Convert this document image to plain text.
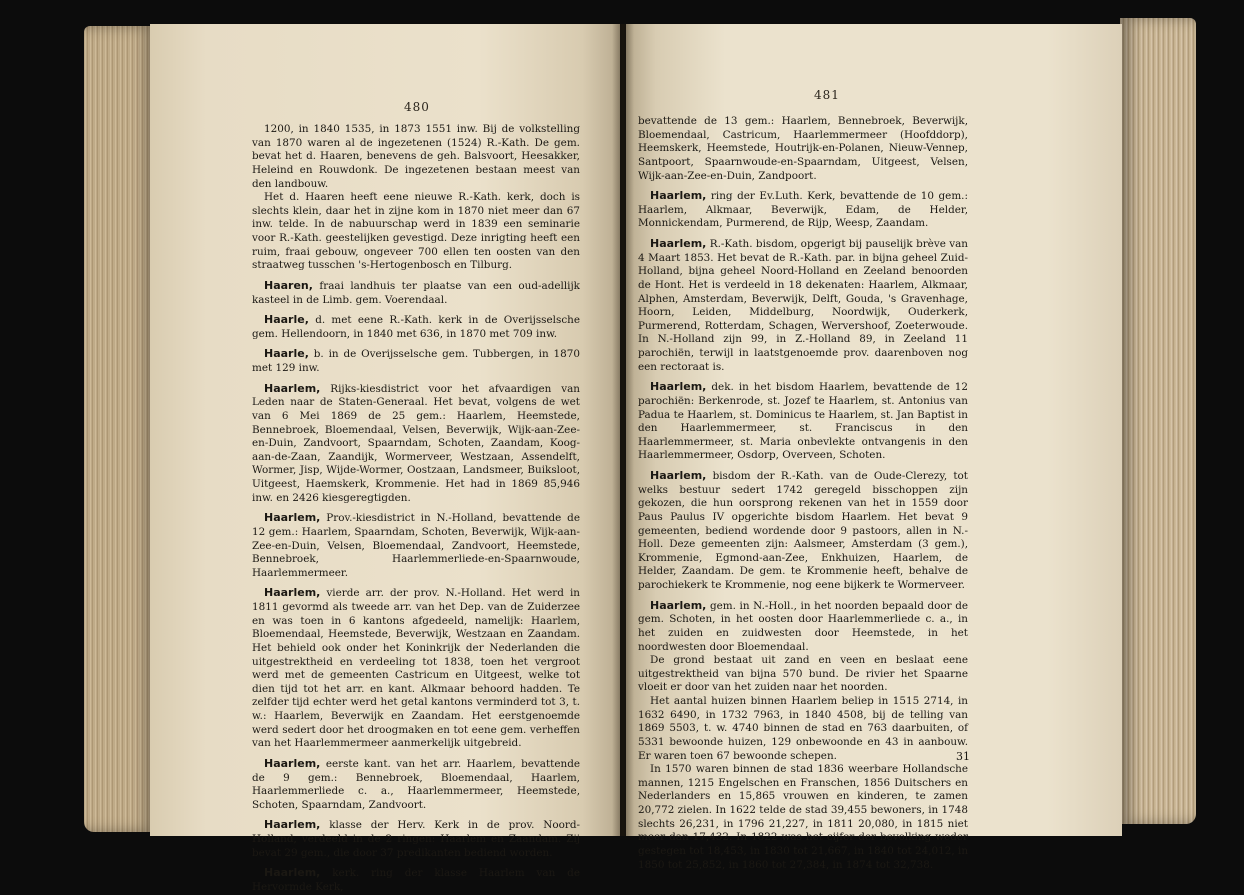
480

1200, in 1840 1535, in 1873 1551 inw. Bij de volkstelling van 1870 waren al de ingezetenen (1524) R.-Kath. De gem. bevat het d. Haaren, benevens de geh. Balsvoort, Heesakker, Heleind en Rouwdonk. De ingezetenen bestaan meest van den landbouw.

Het d. Haaren heeft eene nieuwe R.-Kath. kerk, doch is slechts klein, daar het in zijne kom in 1870 niet meer dan 67 inw. telde. In de nabuurschap werd in 1839 een seminarie voor R.-Kath. geestelijken gevestigd. Deze inrigting heeft een ruim, fraai gebouw, ongeveer 700 ellen ten oosten van den straatweg tusschen 's-Hertogenbosch en Tilburg.

Haaren, fraai landhuis ter plaatse van een oud-adellijk kasteel in de Limb. gem. Voerendaal.

Haarle, d. met eene R.-Kath. kerk in de Overijsselsche gem. Hellendoorn, in 1840 met 636, in 1870 met 709 inw.

Haarle, b. in de Overijsselsche gem. Tubbergen, in 1870 met 129 inw.

Haarlem, Rijks-kiesdistrict voor het afvaardigen van Leden naar de Staten-Generaal. Het bevat, volgens de wet van 6 Mei 1869 de 25 gem.: Haarlem, Heemstede, Bennebroek, Bloemendaal, Velsen, Beverwijk, Wijk-aan-Zee-en-Duin, Zandvoort, Spaarndam, Schoten, Zaandam, Koog-aan-de-Zaan, Zaandijk, Wormerveer, Westzaan, Assendelft, Wormer, Jisp, Wijde-Wormer, Oostzaan, Landsmeer, Buiksloot, Uitgeest, Haemskerk, Krommenie. Het had in 1869 85,946 inw. en 2426 kiesgeregtigden.

Haarlem, Prov.-kiesdistrict in N.-Holland, bevattende de 12 gem.: Haarlem, Spaarndam, Schoten, Beverwijk, Wijk-aan-Zee-en-Duin, Velsen, Bloemendaal, Zandvoort, Heemstede, Bennebroek, Haarlemmerliede-en-Spaarnwoude, Haarlemmermeer.

Haarlem, vierde arr. der prov. N.-Holland. Het werd in 1811 gevormd als tweede arr. van het Dep. van de Zuiderzee en was toen in 6 kantons afgedeeld, namelijk: Haarlem, Bloemendaal, Heemstede, Beverwijk, Westzaan en Zaandam. Het behield ook onder het Koninkrijk der Nederlanden die uitgestrektheid en verdeeling tot 1838, toen het vergroot werd met de gemeenten Castricum en Uitgeest, welke tot dien tijd tot het arr. en kant. Alkmaar behoord hadden. Te zelfder tijd echter werd het getal kantons verminderd tot 3, t. w.: Haarlem, Beverwijk en Zaandam. Het eerstgenoemde werd sedert door het droogmaken en tot eene gem. verheffen van het Haarlemmermeer aanmerkelijk uitgebreid.

Haarlem, eerste kant. van het arr. Haarlem, bevattende de 9 gem.: Bennebroek, Bloemendaal, Haarlem, Haarlemmerliede c. a., Haarlemmermeer, Heemstede, Schoten, Spaarndam, Zandvoort.

Haarlem, klasse der Herv. Kerk in de prov. Noord-Holland, verdeeld in de 2 ringen: Haarlem en Zaandam. Zij bevat 29 gem., die door 37 predikanten bediend worden.

Haarlem, kerk. ring der klasse Haarlem van de Hervormde Kerk,

481

bevattende de 13 gem.: Haarlem, Bennebroek, Beverwijk, Bloemendaal, Castricum, Haarlemmermeer (Hoofddorp), Heemskerk, Heemstede, Houtrijk-en-Polanen, Nieuw-Vennep, Santpoort, Spaarnwoude-en-Spaarndam, Uitgeest, Velsen, Wijk-aan-Zee-en-Duin, Zandpoort.

Haarlem, ring der Ev.Luth. Kerk, bevattende de 10 gem.: Haarlem, Alkmaar, Beverwijk, Edam, de Helder, Monnickendam, Purmerend, de Rijp, Weesp, Zaandam.

Haarlem, R.-Kath. bisdom, opgerigt bij pauselijk brève van 4 Maart 1853. Het bevat de R.-Kath. par. in bijna geheel Zuid-Holland, bijna geheel Noord-Holland en Zeeland benoorden de Hont. Het is verdeeld in 18 dekenaten: Haarlem, Alkmaar, Alphen, Amsterdam, Beverwijk, Delft, Gouda, 's Gravenhage, Hoorn, Leiden, Middelburg, Noordwijk, Ouderkerk, Purmerend, Rotterdam, Schagen, Wervershoof, Zoeterwoude. In N.-Holland zijn 99, in Z.-Holland 89, in Zeeland 11 parochiën, terwijl in laatstgenoemde prov. daarenboven nog een rectoraat is.

Haarlem, dek. in het bisdom Haarlem, bevattende de 12 parochiën: Berkenrode, st. Jozef te Haarlem, st. Antonius van Padua te Haarlem, st. Dominicus te Haarlem, st. Jan Baptist in den Haarlemmermeer, st. Franciscus in den Haarlemmermeer, st. Maria onbevlekte ontvangenis in den Haarlemmermeer, Osdorp, Overveen, Schoten.

Haarlem, bisdom der R.-Kath. van de Oude-Clerezy, tot welks bestuur sedert 1742 geregeld bisschoppen zijn gekozen, die hun oorsprong rekenen van het in 1559 door Paus Paulus IV opgerichte bisdom Haarlem. Het bevat 9 gemeenten, bediend wordende door 9 pastoors, allen in N.-Holl. Deze gemeenten zijn: Aalsmeer, Amsterdam (3 gem.), Krommenie, Egmond-aan-Zee, Enkhuizen, Haarlem, de Helder, Zaandam. De gem. te Krommenie heeft, behalve de parochiekerk te Krommenie, nog eene bijkerk te Wormerveer.

Haarlem, gem. in N.-Holl., in het noorden bepaald door de gem. Schoten, in het oosten door Haarlemmerliede c. a., in het zuiden en zuidwesten door Heemstede, in het noordwesten door Bloemendaal.

De grond bestaat uit zand en veen en beslaat eene uitgestrektheid van bijna 570 bund. De rivier het Spaarne vloeit er door van het zuiden naar het noorden.

Het aantal huizen binnen Haarlem beliep in 1515 2714, in 1632 6490, in 1732 7963, in 1840 4508, bij de telling van 1869 5503, t. w. 4740 binnen de stad en 763 daarbuiten, of 5331 bewoonde huizen, 129 onbewoonde en 43 in aanbouw. Er waren toen 67 bewoonde schepen.

In 1570 waren binnen de stad 1836 weerbare Hollandsche mannen, 1215 Engelschen en Franschen, 1856 Duitschers en Nederlanders en 15,865 vrouwen en kinderen, te zamen 20,772 zielen. In 1622 telde de stad 39,455 bewoners, in 1748 slechts 26,231, in 1796 21,227, in 1811 20,080, in 1815 niet meer dan 17,432. In 1822 was het cijfer der bevolking weder gestegen tot 18,453, in 1830 tot 21,667, in 1840 tot 24,012, in 1850 tot 25,852, in 1860 tot 27,384, in 1874 tot 32,738.

31
